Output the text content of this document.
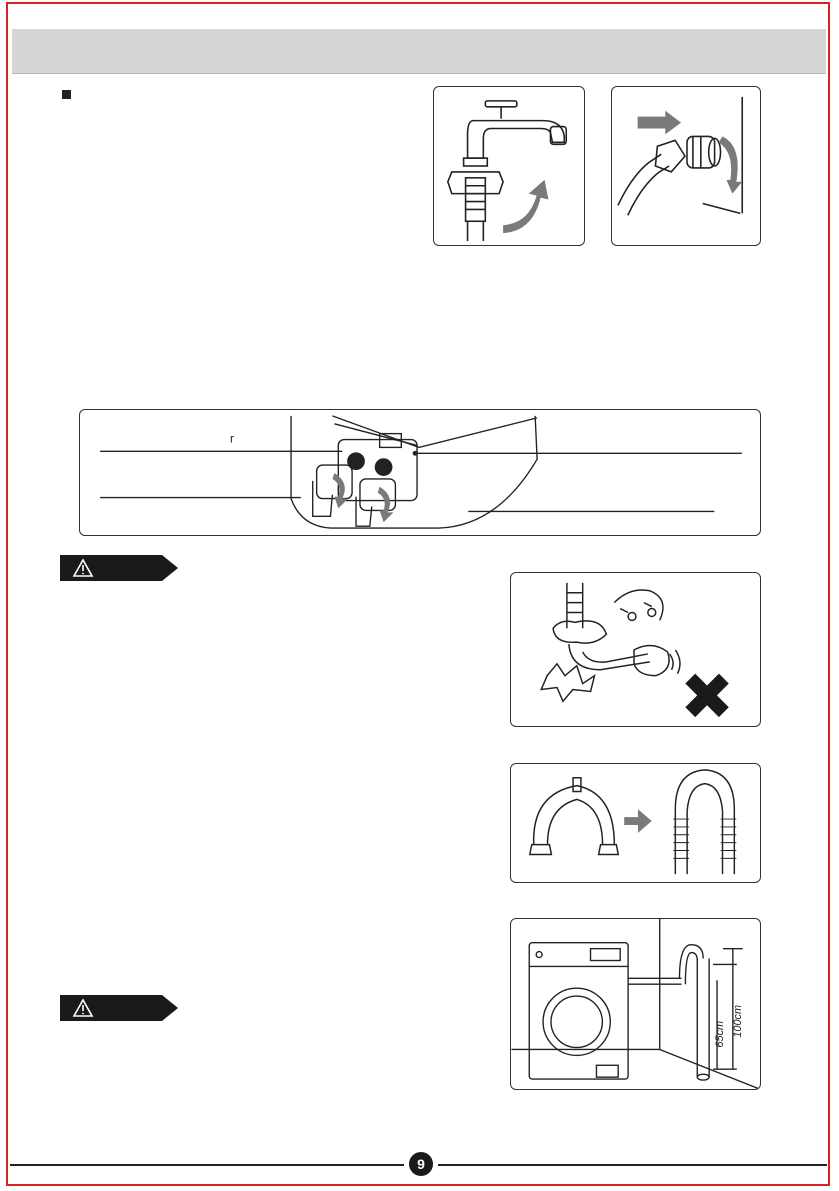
r
65cm 100cm
9
